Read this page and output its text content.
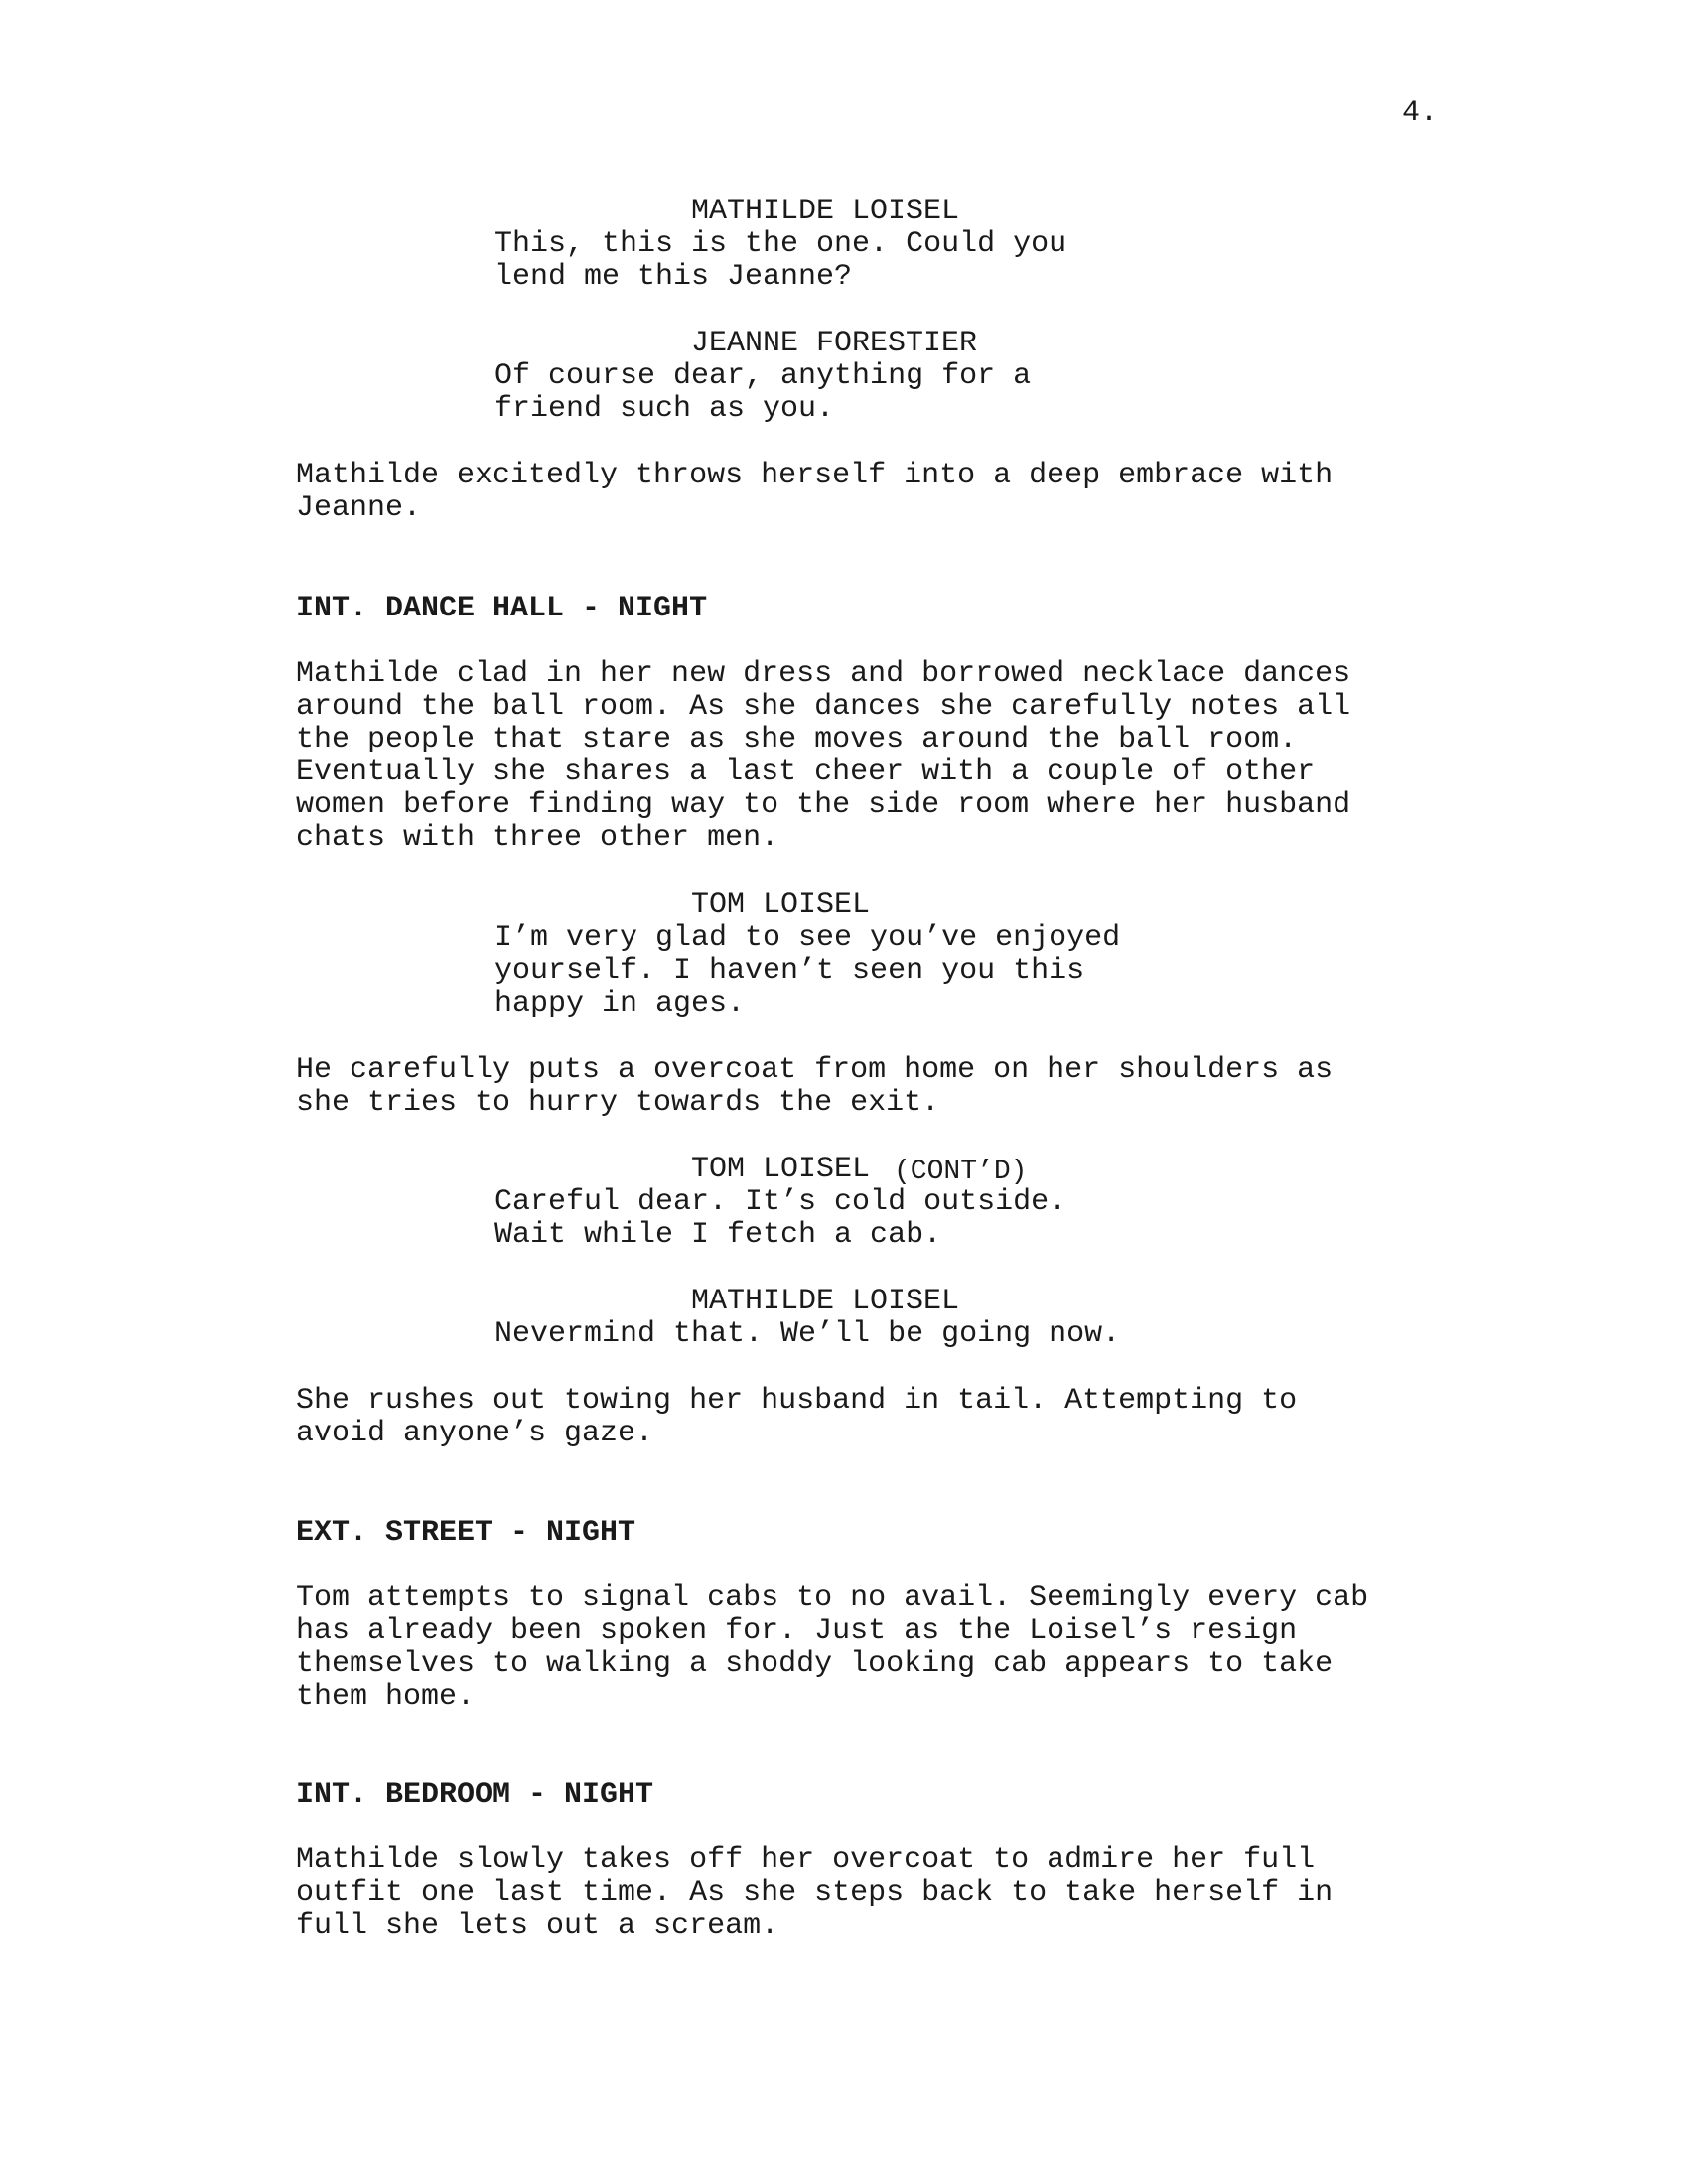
4.
MATHILDE LOISEL
This, this is the one. Could you
lend me this Jeanne?
JEANNE FORESTIER
Of course dear, anything for a
friend such as you.
Mathilde excitedly throws herself into a deep embrace with
Jeanne.
INT. DANCE HALL - NIGHT
Mathilde clad in her new dress and borrowed necklace dances
around the ball room. As she dances she carefully notes all
the people that stare as she moves around the ball room.
Eventually she shares a last cheer with a couple of other
women before finding way to the side room where her husband
chats with three other men.
TOM LOISEL
I’m very glad to see you’ve enjoyed
yourself. I haven’t seen you this
happy in ages.
He carefully puts a overcoat from home on her shoulders as
she tries to hurry towards the exit.
TOM LOISEL (CONT’D)
Careful dear. It’s cold outside.
Wait while I fetch a cab.
MATHILDE LOISEL
Nevermind that. We’ll be going now.
She rushes out towing her husband in tail. Attempting to
avoid anyone’s gaze.
EXT. STREET - NIGHT
Tom attempts to signal cabs to no avail. Seemingly every cab
has already been spoken for. Just as the Loisel’s resign
themselves to walking a shoddy looking cab appears to take
them home.
INT. BEDROOM - NIGHT
Mathilde slowly takes off her overcoat to admire her full
outfit one last time. As she steps back to take herself in
full she lets out a scream.
